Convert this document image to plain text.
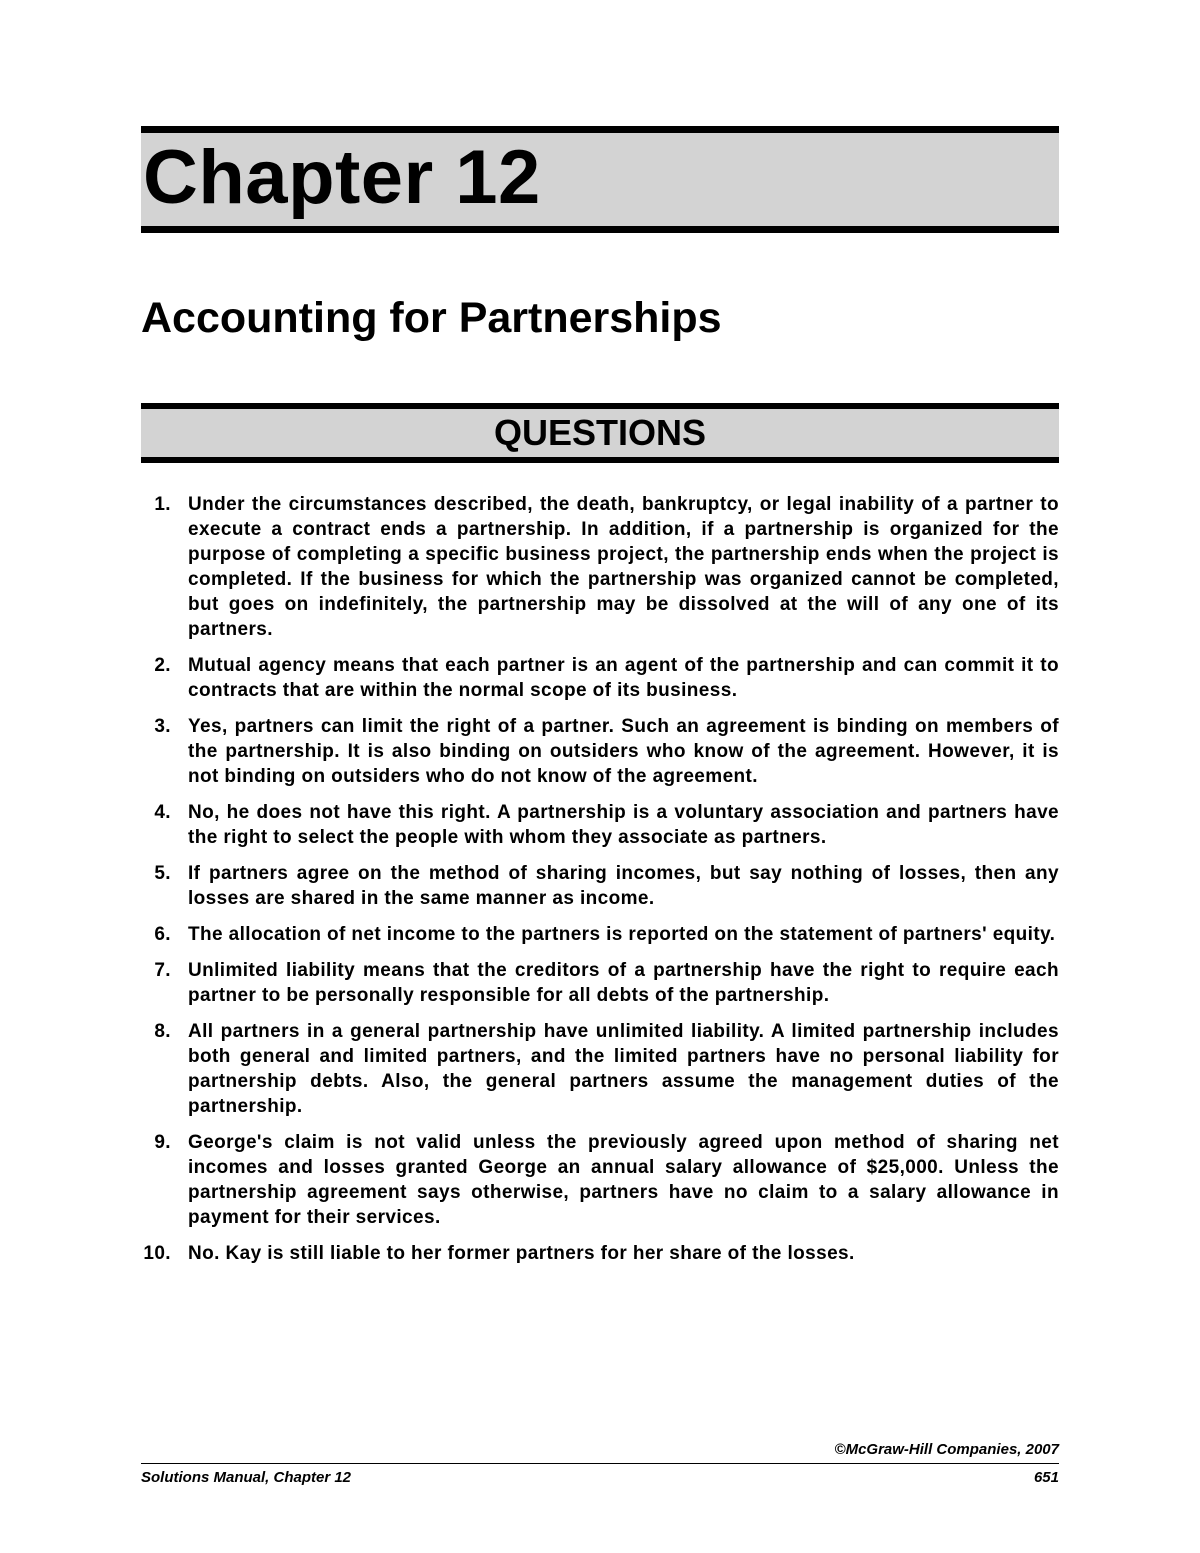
Chapter 12
Accounting for Partnerships
QUESTIONS
1. Under the circumstances described, the death, bankruptcy, or legal inability of a partner to execute a contract ends a partnership. In addition, if a partnership is organized for the purpose of completing a specific business project, the partnership ends when the project is completed. If the business for which the partnership was organized cannot be completed, but goes on indefinitely, the partnership may be dissolved at the will of any one of its partners.
2. Mutual agency means that each partner is an agent of the partnership and can commit it to contracts that are within the normal scope of its business.
3. Yes, partners can limit the right of a partner. Such an agreement is binding on members of the partnership. It is also binding on outsiders who know of the agreement. However, it is not binding on outsiders who do not know of the agreement.
4. No, he does not have this right. A partnership is a voluntary association and partners have the right to select the people with whom they associate as partners.
5. If partners agree on the method of sharing incomes, but say nothing of losses, then any losses are shared in the same manner as income.
6. The allocation of net income to the partners is reported on the statement of partners' equity.
7. Unlimited liability means that the creditors of a partnership have the right to require each partner to be personally responsible for all debts of the partnership.
8. All partners in a general partnership have unlimited liability. A limited partnership includes both general and limited partners, and the limited partners have no personal liability for partnership debts. Also, the general partners assume the management duties of the partnership.
9. George's claim is not valid unless the previously agreed upon method of sharing net incomes and losses granted George an annual salary allowance of $25,000. Unless the partnership agreement says otherwise, partners have no claim to a salary allowance in payment for their services.
10. No. Kay is still liable to her former partners for her share of the losses.

©McGraw-Hill Companies, 2007

Solutions Manual, Chapter 12	651
